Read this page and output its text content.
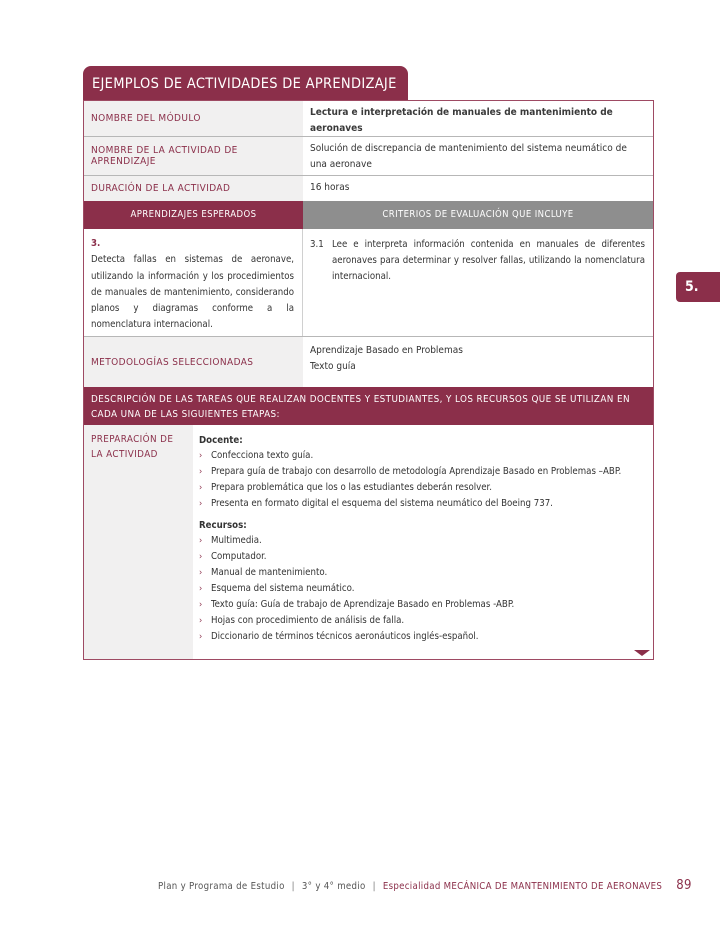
EJEMPLOS DE ACTIVIDADES DE APRENDIZAJE
NOMBRE DEL MÓDULO
Lectura e interpretación de manuales de mantenimiento de aeronaves
NOMBRE DE LA ACTIVIDAD DE APRENDIZAJE
Solución de discrepancia de mantenimiento del sistema neumático de una aeronave
DURACIÓN DE LA ACTIVIDAD	16 horas
APRENDIZAJES ESPERADOS	CRITERIOS DE EVALUACIÓN QUE INCLUYE
3.
Detecta fallas en sistemas de aeronave, utilizando la información y los procedimientos de manuales de mantenimiento, considerando planos y diagramas conforme a la nomenclatura internacional.
3.1 Lee e interpreta información contenida en manuales de diferentes aeronaves para determinar y resolver fallas, utilizando la nomenclatura internacional.
METODOLOGÍAS SELECCIONADAS
Aprendizaje Basado en Problemas
Texto guía
DESCRIPCIÓN DE LAS TAREAS QUE REALIZAN DOCENTES Y ESTUDIANTES, Y LOS RECURSOS QUE SE UTILIZAN EN CADA UNA DE LAS SIGUIENTES ETAPAS:
PREPARACIÓN DE LA ACTIVIDAD
Docente:
› Confecciona texto guía.
› Prepara guía de trabajo con desarrollo de metodología Aprendizaje Basado en Problemas –ABP.
› Prepara problemática que los o las estudiantes deberán resolver.
› Presenta en formato digital el esquema del sistema neumático del Boeing 737.
Recursos:
› Multimedia.
› Computador.
› Manual de mantenimiento.
› Esquema del sistema neumático.
› Texto guía: Guía de trabajo de Aprendizaje Basado en Problemas -ABP.
› Hojas con procedimiento de análisis de falla.
› Diccionario de términos técnicos aeronáuticos inglés-español.
5.
Plan y Programa de Estudio | 3° y 4° medio | Especialidad MECÁNICA DE MANTENIMIENTO DE AERONAVES 89
